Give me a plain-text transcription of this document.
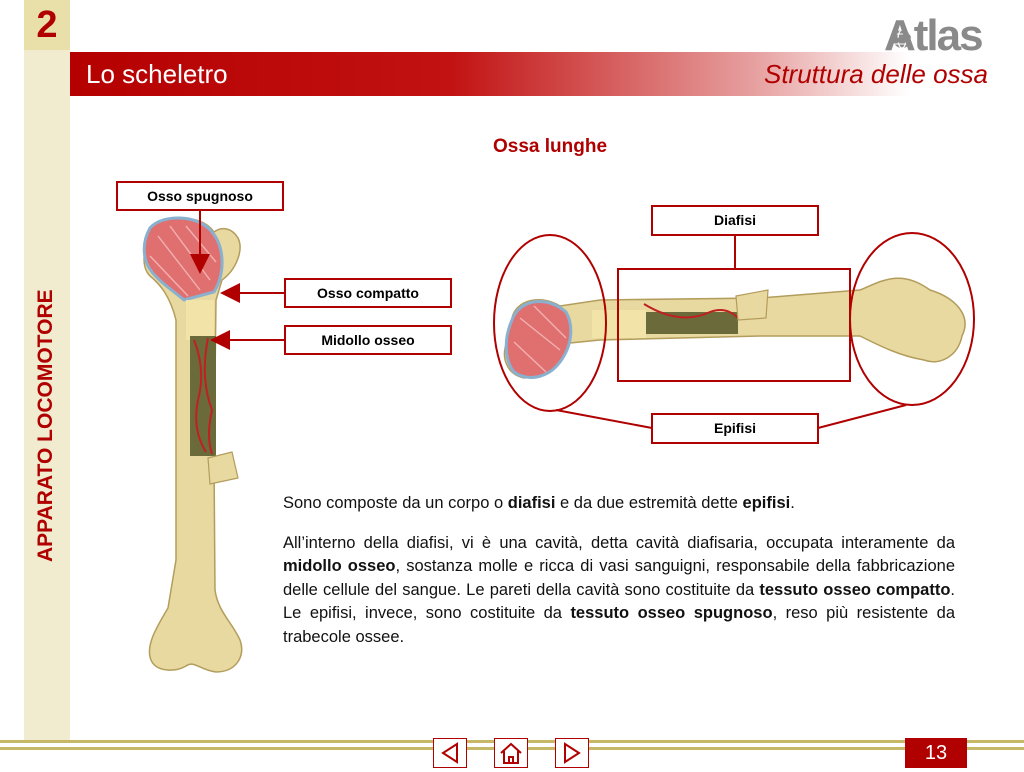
2
APPARATO LOCOMOTORE
Lo scheletro	Struttura delle ossa
Atlas
Ossa lunghe
Osso spugnoso
Osso compatto
Midollo osseo
Diafisi
Epifisi

Sono composte da un corpo o diafisi e da due estremità dette epifisi.

All’interno della diafisi, vi è una cavità, detta cavità diafisaria, occupata interamente da midollo osseo, sostanza molle e ricca di vasi sanguigni, responsabile della fabbricazione delle cellule del sangue. Le pareti della cavità sono costituite da tessuto osseo compatto. Le epifisi, invece, sono costituite da tessuto osseo spugnoso, reso più resistente da trabecole ossee.

13
